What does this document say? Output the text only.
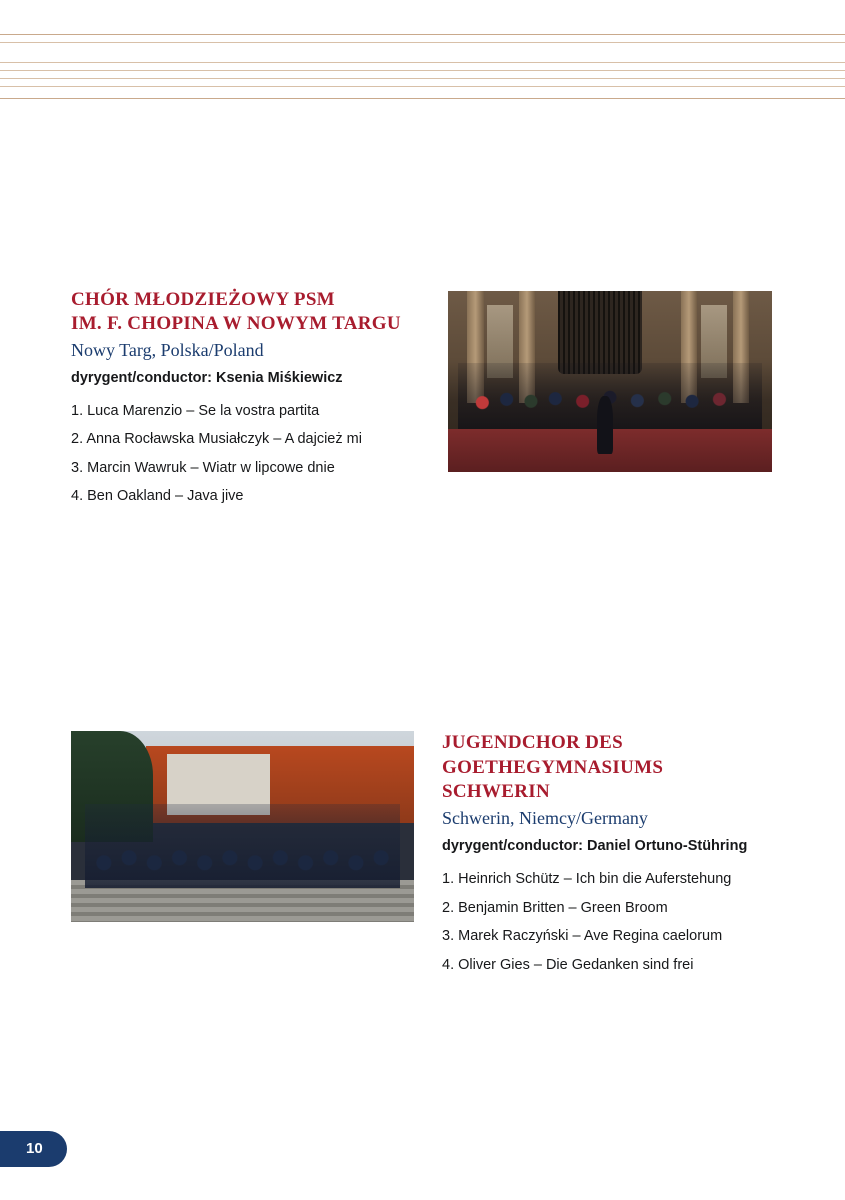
CHÓR MŁODZIEŻOWY PSM
IM. F. CHOPINA W NOWYM TARGU
Nowy Targ, Polska/Poland
dyrygent/conductor: Ksenia Miśkiewicz
1. Luca Marenzio – Se la vostra partita
2. Anna Rocławska Musiałczyk – A dajcież mi
3. Marcin Wawruk – Wiatr w lipcowe dnie
4. Ben Oakland – Java jive
JUGENDCHOR DES
GOETHEGYMNASIUMS
SCHWERIN
Schwerin, Niemcy/Germany
dyrygent/conductor: Daniel Ortuno-Stühring
1. Heinrich Schütz – Ich bin die Auferstehung
2. Benjamin Britten – Green Broom
3. Marek Raczyński – Ave Regina caelorum
4. Oliver Gies – Die Gedanken sind frei
10
